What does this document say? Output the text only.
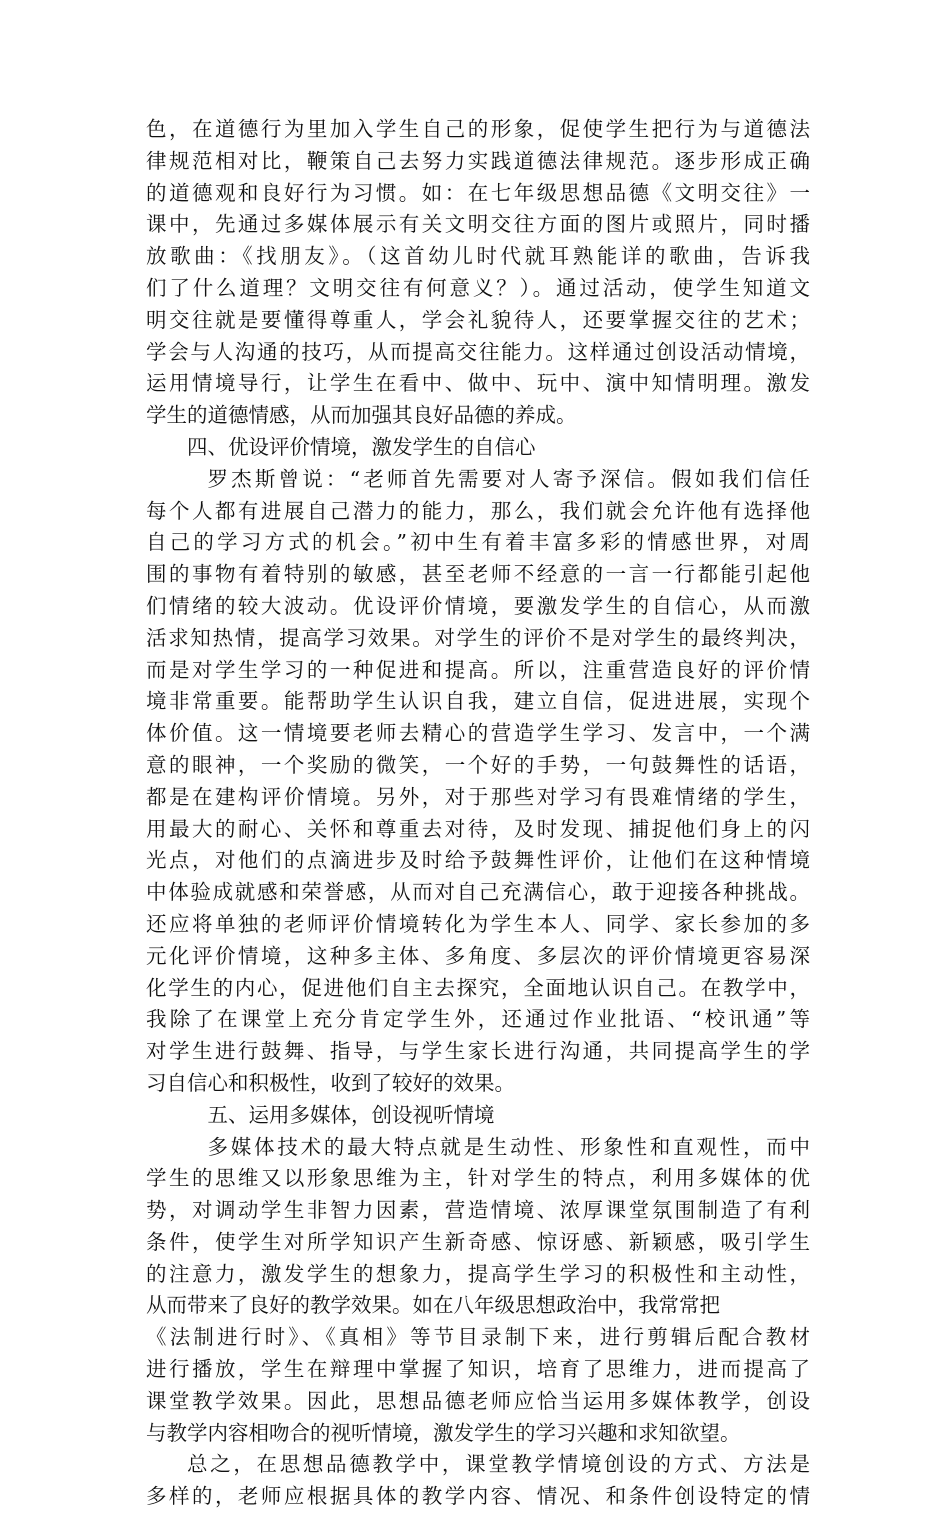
色，在道德行为里加入学生自己的形象，促使学生把行为与道德法
律规范相对比，鞭策自己去努力实践道德法律规范。逐步形成正确
的道德观和良好行为习惯。如：在七年级思想品德《文明交往》一
课中，先通过多媒体展示有关文明交往方面的图片或照片，同时播
放歌曲：《找朋友》。（这首幼儿时代就耳熟能详的歌曲，告诉我
们了什么道理？文明交往有何意义？）。通过活动，使学生知道文
明交往就是要懂得尊重人，学会礼貌待人，还要掌握交往的艺术；
学会与人沟通的技巧，从而提高交往能力。这样通过创设活动情境，
运用情境导行，让学生在看中、做中、玩中、演中知情明理。激发
学生的道德情感，从而加强其良好品德的养成。
四、优设评价情境，激发学生的自信心
罗杰斯曾说：“老师首先需要对人寄予深信。假如我们信任
每个人都有进展自己潜力的能力，那么，我们就会允许他有选择他
自己的学习方式的机会。”初中生有着丰富多彩的情感世界，对周
围的事物有着特别的敏感，甚至老师不经意的一言一行都能引起他
们情绪的较大波动。优设评价情境，要激发学生的自信心，从而激
活求知热情，提高学习效果。对学生的评价不是对学生的最终判决，
而是对学生学习的一种促进和提高。所以，注重营造良好的评价情
境非常重要。能帮助学生认识自我，建立自信，促进进展，实现个
体价值。这一情境要老师去精心的营造学生学习、发言中，一个满
意的眼神，一个奖励的微笑，一个好的手势，一句鼓舞性的话语，
都是在建构评价情境。另外，对于那些对学习有畏难情绪的学生，
用最大的耐心、关怀和尊重去对待，及时发现、捕捉他们身上的闪
光点，对他们的点滴进步及时给予鼓舞性评价，让他们在这种情境
中体验成就感和荣誉感，从而对自己充满信心，敢于迎接各种挑战。
还应将单独的老师评价情境转化为学生本人、同学、家长参加的多
元化评价情境，这种多主体、多角度、多层次的评价情境更容易深
化学生的内心，促进他们自主去探究，全面地认识自己。在教学中，
我除了在课堂上充分肯定学生外，还通过作业批语、“校讯通”等
对学生进行鼓舞、指导，与学生家长进行沟通，共同提高学生的学
习自信心和积极性，收到了较好的效果。
五、运用多媒体，创设视听情境
多媒体技术的最大特点就是生动性、形象性和直观性，而中
学生的思维又以形象思维为主，针对学生的特点，利用多媒体的优
势，对调动学生非智力因素，营造情境、浓厚课堂氛围制造了有利
条件，使学生对所学知识产生新奇感、惊讶感、新颖感，吸引学生
的注意力，激发学生的想象力，提高学生学习的积极性和主动性，
从而带来了良好的教学效果。如在八年级思想政治中，我常常把
《法制进行时》、《真相》等节目录制下来，进行剪辑后配合教材
进行播放，学生在辩理中掌握了知识，培育了思维力，进而提高了
课堂教学效果。因此，思想品德老师应恰当运用多媒体教学，创设
与教学内容相吻合的视听情境，激发学生的学习兴趣和求知欲望。
总之，在思想品德教学中，课堂教学情境创设的方式、方法是
多样的，老师应根据具体的教学内容、情况、和条件创设特定的情
